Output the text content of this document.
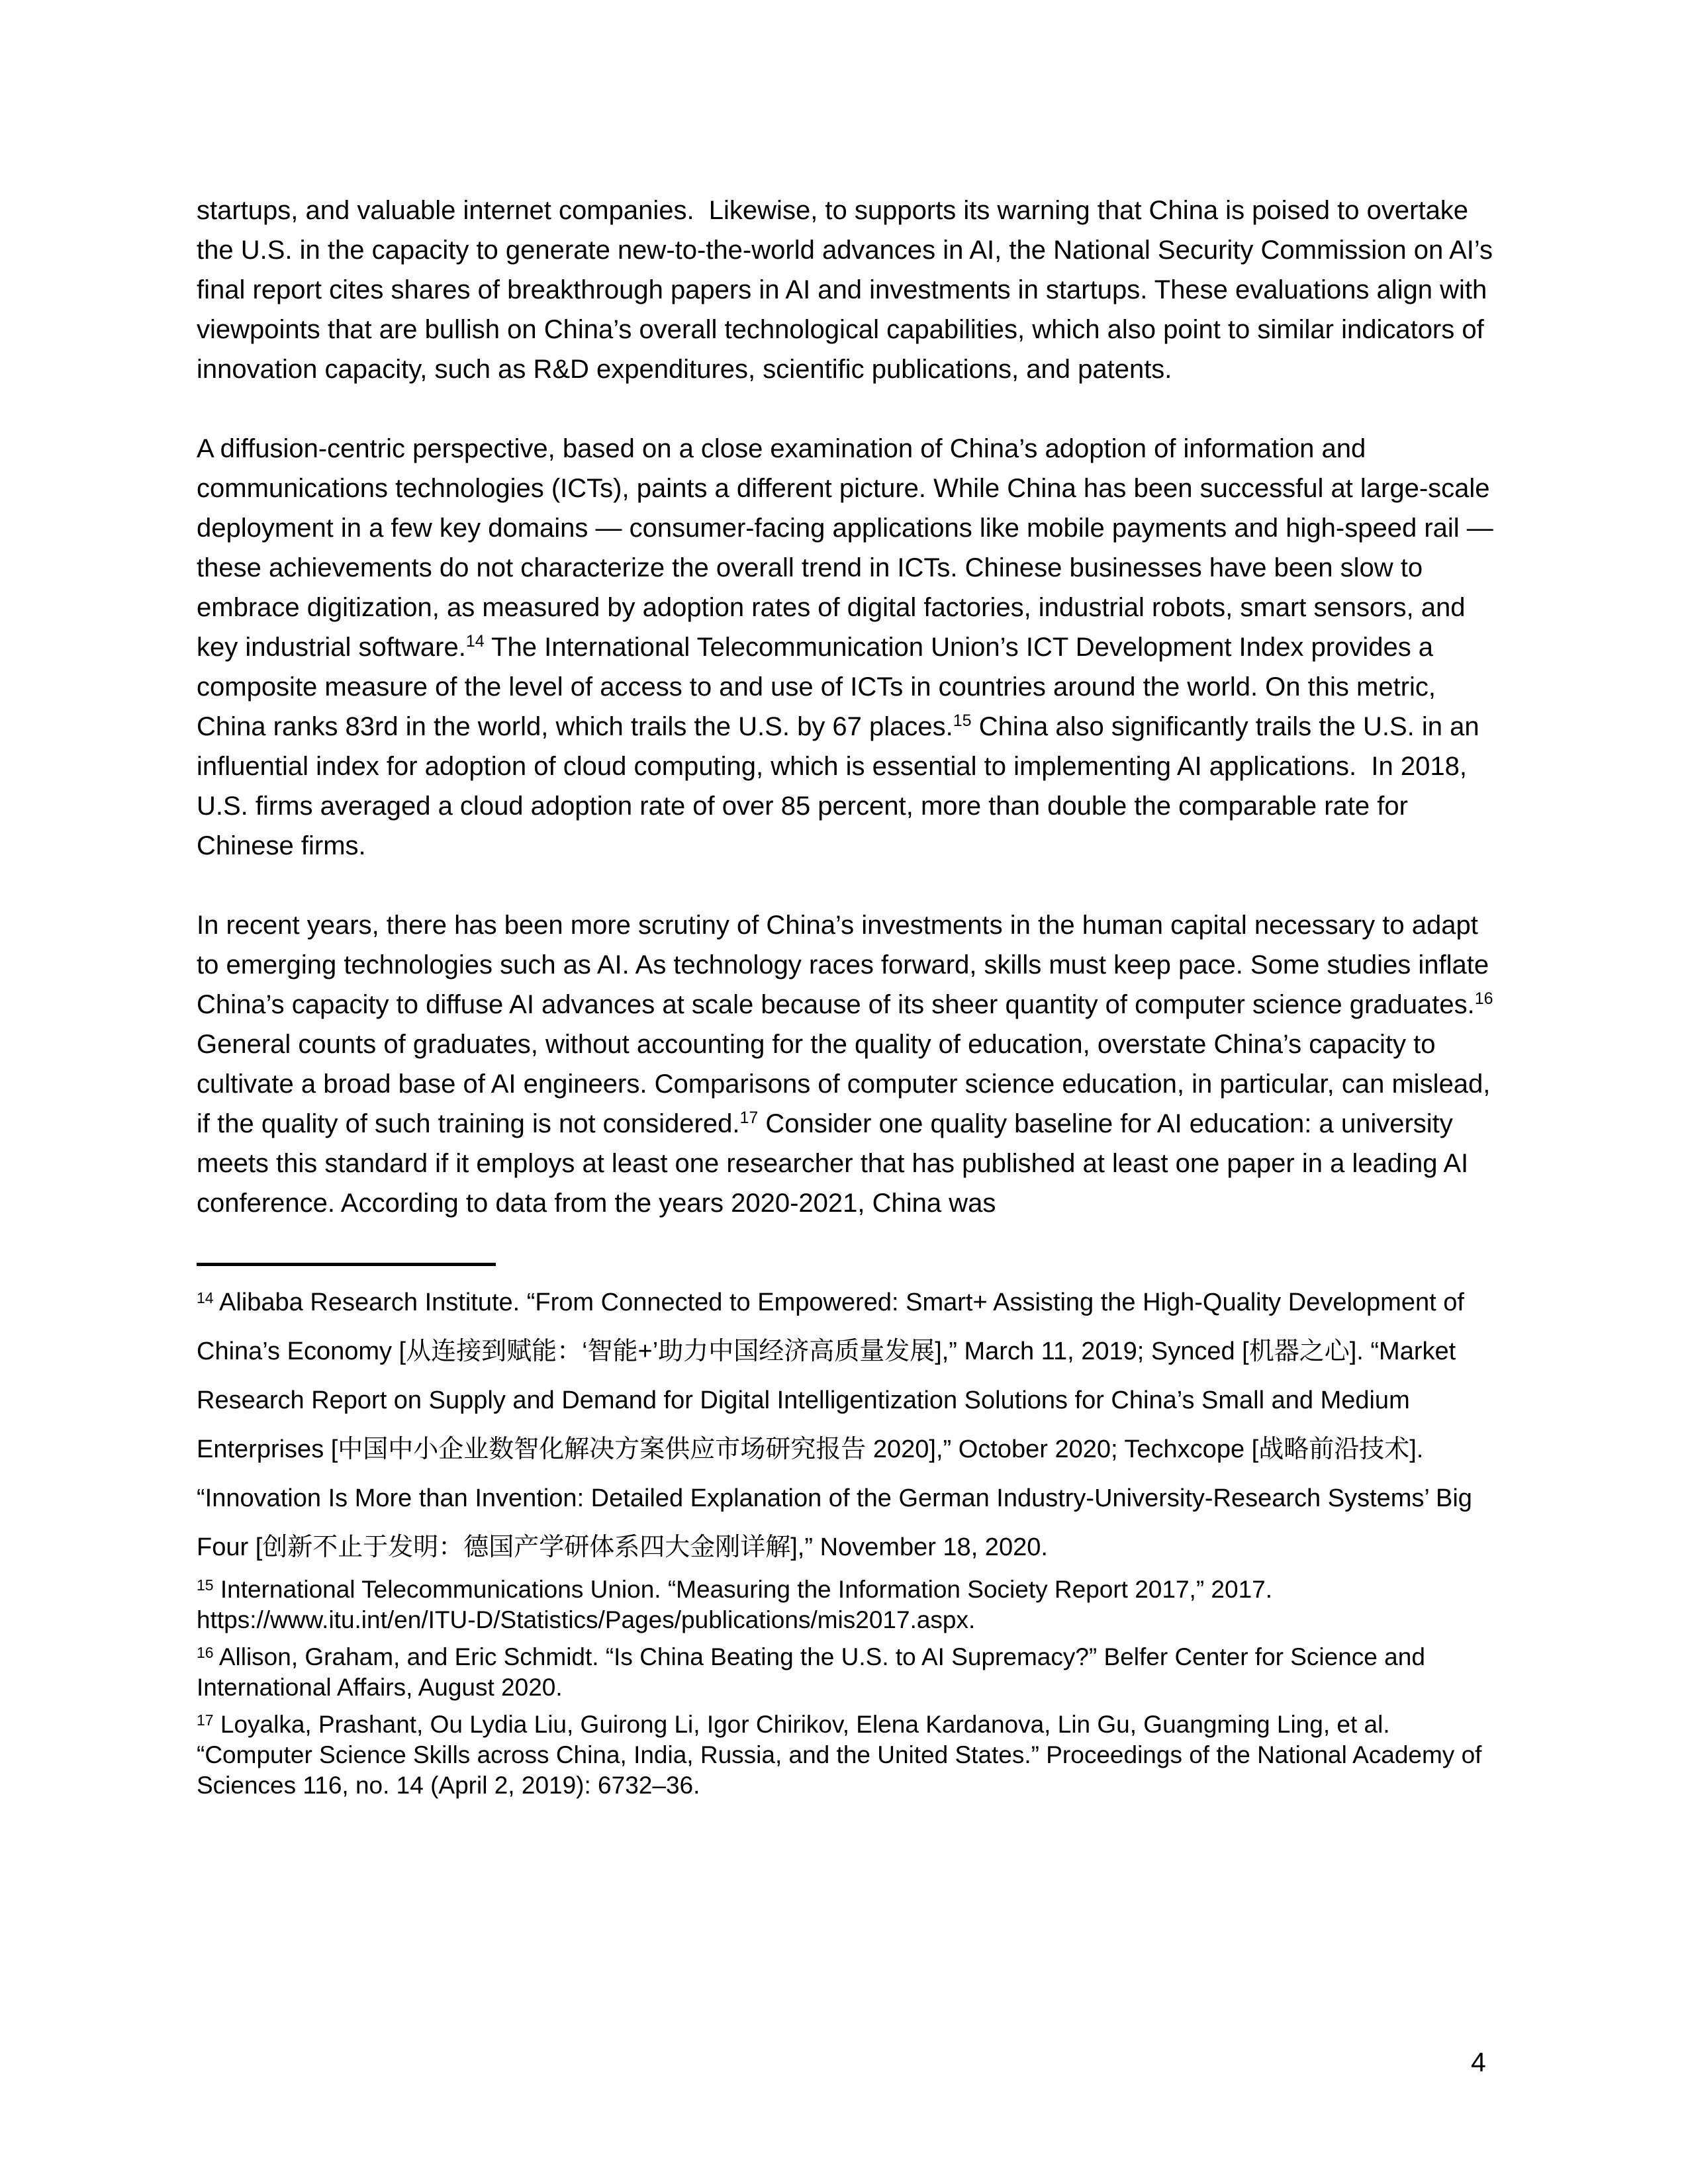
startups, and valuable internet companies.  Likewise, to supports its warning that China is poised to overtake the U.S. in the capacity to generate new-to-the-world advances in AI, the National Security Commission on AI’s final report cites shares of breakthrough papers in AI and investments in startups. These evaluations align with viewpoints that are bullish on China’s overall technological capabilities, which also point to similar indicators of innovation capacity, such as R&D expenditures, scientific publications, and patents.

A diffusion-centric perspective, based on a close examination of China’s adoption of information and communications technologies (ICTs), paints a different picture. While China has been successful at large-scale deployment in a few key domains — consumer-facing applications like mobile payments and high-speed rail — these achievements do not characterize the overall trend in ICTs. Chinese businesses have been slow to embrace digitization, as measured by adoption rates of digital factories, industrial robots, smart sensors, and key industrial software.$^{14}$ The International Telecommunication Union’s ICT Development Index provides a composite measure of the level of access to and use of ICTs in countries around the world. On this metric, China ranks 83rd in the world, which trails the U.S. by 67 places.$^{15}$ China also significantly trails the U.S. in an influential index for adoption of cloud computing, which is essential to implementing AI applications.  In 2018, U.S. firms averaged a cloud adoption rate of over 85 percent, more than double the comparable rate for Chinese firms.

In recent years, there has been more scrutiny of China’s investments in the human capital necessary to adapt to emerging technologies such as AI. As technology races forward, skills must keep pace. Some studies inflate China’s capacity to diffuse AI advances at scale because of its sheer quantity of computer science graduates.$^{16}$ General counts of graduates, without accounting for the quality of education, overstate China’s capacity to cultivate a broad base of AI engineers. Comparisons of computer science education, in particular, can mislead, if the quality of such training is not considered.$^{17}$ Consider one quality baseline for AI education: a university meets this standard if it employs at least one researcher that has published at least one paper in a leading AI conference. According to data from the years 2020-2021, China was

$^{14}$ Alibaba Research Institute. “From Connected to Empowered: Smart+ Assisting the High-Quality Development of China’s Economy [从连接到赋能：‘智能+’助力中国经济高质量发展],” March 11, 2019; Synced [机器之心]. “Market Research Report on Supply and Demand for Digital Intelligentization Solutions for China’s Small and Medium Enterprises [中国中小企业数智化解决方案供应市场研究报告 2020],” October 2020; Techxcope [战略前沿技术]. “Innovation Is More than Invention: Detailed Explanation of the German Industry-University-Research Systems’ Big Four [创新不止于发明：德国产学研体系四大金刚详解],” November 18, 2020.
$^{15}$ International Telecommunications Union. “Measuring the Information Society Report 2017,” 2017. https://www.itu.int/en/ITU-D/Statistics/Pages/publications/mis2017.aspx.
$^{16}$ Allison, Graham, and Eric Schmidt. “Is China Beating the U.S. to AI Supremacy?” Belfer Center for Science and International Affairs, August 2020.
$^{17}$ Loyalka, Prashant, Ou Lydia Liu, Guirong Li, Igor Chirikov, Elena Kardanova, Lin Gu, Guangming Ling, et al. “Computer Science Skills across China, India, Russia, and the United States.” Proceedings of the National Academy of Sciences 116, no. 14 (April 2, 2019): 6732–36.
4
